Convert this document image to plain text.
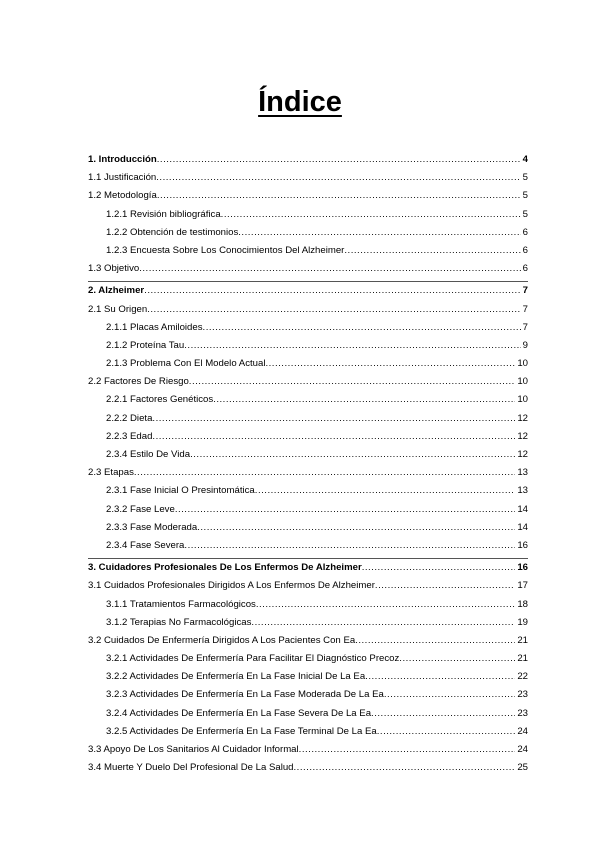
Índice
1. Introducción .....	4
1.1 Justificación .....	5
1.2 Metodología .....	5
1.2.1 Revisión bibliográfica .....	5
1.2.2 Obtención de testimonios .....	6
1.2.3 Encuesta Sobre Los Conocimientos Del Alzheimer .....	6
1.3 Objetivo .....	6
2. Alzheimer .....	7
2.1 Su Origen .....	7
2.1.1 Placas Amiloides .....	7
2.1.2 Proteína Tau .....	9
2.1.3 Problema Con El Modelo Actual .....	10
2.2 Factores De Riesgo .....	10
2.2.1 Factores Genéticos .....	10
2.2.2 Dieta .....	12
2.2.3 Edad .....	12
2.3.4 Estilo De Vida .....	12
2.3 Etapas .....	13
2.3.1 Fase Inicial O Presintomática .....	13
2.3.2 Fase Leve .....	14
2.3.3 Fase Moderada .....	14
2.3.4 Fase Severa .....	16
3. Cuidadores Profesionales De Los Enfermos De Alzheimer .....	16
3.1 Cuidados Profesionales Dirigidos A Los Enfermos De Alzheimer .....	17
3.1.1 Tratamientos Farmacológicos .....	18
3.1.2 Terapias No Farmacológicas .....	19
3.2 Cuidados De Enfermería Dirigidos A Los Pacientes Con Ea .....	21
3.2.1 Actividades De Enfermería Para Facilitar El Diagnóstico Precoz .....	21
3.2.2 Actividades De Enfermería En La Fase Inicial De La Ea .....	22
3.2.3 Actividades De Enfermería En La Fase Moderada De La Ea .....	23
3.2.4 Actividades De Enfermería En La Fase Severa De La Ea .....	23
3.2.5 Actividades De Enfermería En La Fase Terminal De La Ea .....	24
3.3 Apoyo De Los Sanitarios Al Cuidador Informal .....	24
3.4 Muerte Y Duelo Del Profesional De La Salud .....	25
